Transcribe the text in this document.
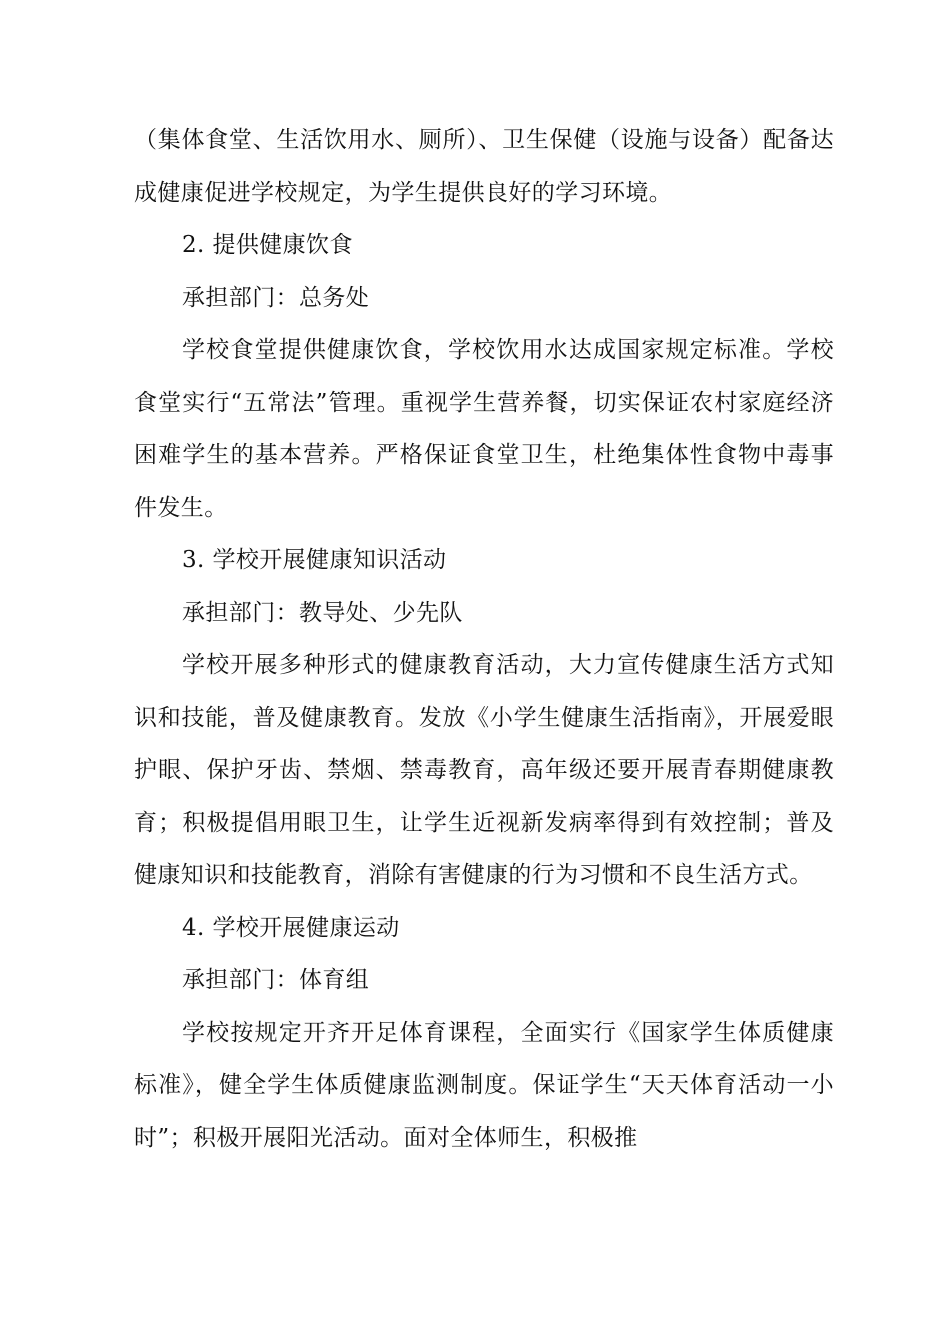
（集体食堂、生活饮用水、厕所）、卫生保健（设施与设备）配备达成健康促进学校规定，为学生提供良好的学习环境。

2. 提供健康饮食

承担部门：总务处

学校食堂提供健康饮食，学校饮用水达成国家规定标准。学校食堂实行“五常法”管理。重视学生营养餐，切实保证农村家庭经济困难学生的基本营养。严格保证食堂卫生，杜绝集体性食物中毒事件发生。

3. 学校开展健康知识活动

承担部门：教导处、少先队

学校开展多种形式的健康教育活动，大力宣传健康生活方式知识和技能，普及健康教育。发放《小学生健康生活指南》，开展爱眼护眼、保护牙齿、禁烟、禁毒教育，高年级还要开展青春期健康教育；积极提倡用眼卫生，让学生近视新发病率得到有效控制；普及健康知识和技能教育，消除有害健康的行为习惯和不良生活方式。

4. 学校开展健康运动

承担部门：体育组

学校按规定开齐开足体育课程，全面实行《国家学生体质健康标准》，健全学生体质健康监测制度。保证学生“天天体育活动一小时”；积极开展阳光活动。面对全体师生，积极推
